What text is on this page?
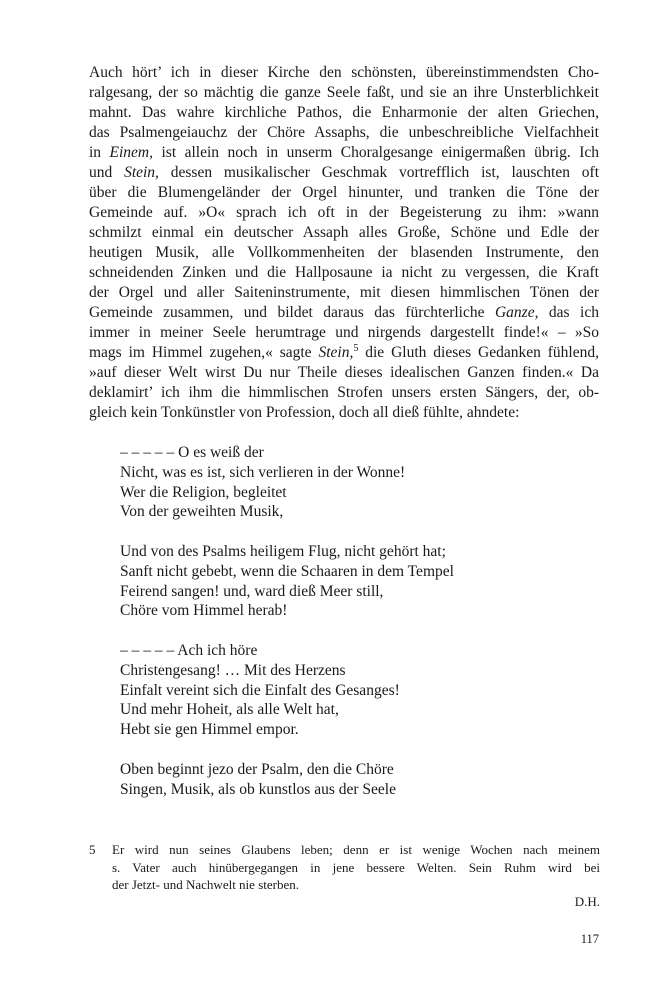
Auch hört’ ich in dieser Kirche den schönsten, übereinstimmendsten Cho-
ralgesang, der so mächtig die ganze Seele faßt, und sie an ihre Unsterblichkeit
mahnt. Das wahre kirchliche Pathos, die Enharmonie der alten Griechen,
das Psalmengeiauchz der Chöre Assaphs, die unbeschreibliche Vielfachheit
in Einem, ist allein noch in unserm Choralgesange einigermaßen übrig. Ich
und Stein, dessen musikalischer Geschmak vortrefflich ist, lauschten oft
über die Blumengeländer der Orgel hinunter, und tranken die Töne der
Gemeinde auf. »O« sprach ich oft in der Begeisterung zu ihm: »wann
schmilzt einmal ein deutscher Assaph alles Große, Schöne und Edle der
heutigen Musik, alle Vollkommenheiten der blasenden Instrumente, den
schneidenden Zinken und die Hallposaune ia nicht zu vergessen, die Kraft
der Orgel und aller Saiteninstrumente, mit diesen himmlischen Tönen der
Gemeinde zusammen, und bildet daraus das fürchterliche Ganze, das ich
immer in meiner Seele herumtrage und nirgends dargestellt finde!« – »So
mags im Himmel zugehen,« sagte Stein,$^5$ die Gluth dieses Gedanken fühlend,
»auf dieser Welt wirst Du nur Theile dieses idealischen Ganzen finden.« Da
deklamirt’ ich ihm die himmlischen Strofen unsers ersten Sängers, der, ob-
gleich kein Tonkünstler von Profession, doch all dieß fühlte, ahndete:
– – – – – O es weiß der
Nicht, was es ist, sich verlieren in der Wonne!
Wer die Religion, begleitet
Von der geweihten Musik,
Und von des Psalms heiligem Flug, nicht gehört hat;
Sanft nicht gebebt, wenn die Schaaren in dem Tempel
Feirend sangen! und, ward dieß Meer still,
Chöre vom Himmel herab!
– – – – – Ach ich höre
Christengesang! … Mit des Herzens
Einfalt vereint sich die Einfalt des Gesanges!
Und mehr Hoheit, als alle Welt hat,
Hebt sie gen Himmel empor.
Oben beginnt jezo der Psalm, den die Chöre
Singen, Musik, als ob kunstlos aus der Seele
5 Er wird nun seines Glaubens leben; denn er ist wenige Wochen nach meinem
s. Vater auch hinübergegangen in jene bessere Welten. Sein Ruhm wird bei
der Jetzt- und Nachwelt nie sterben.
D.H.
117
